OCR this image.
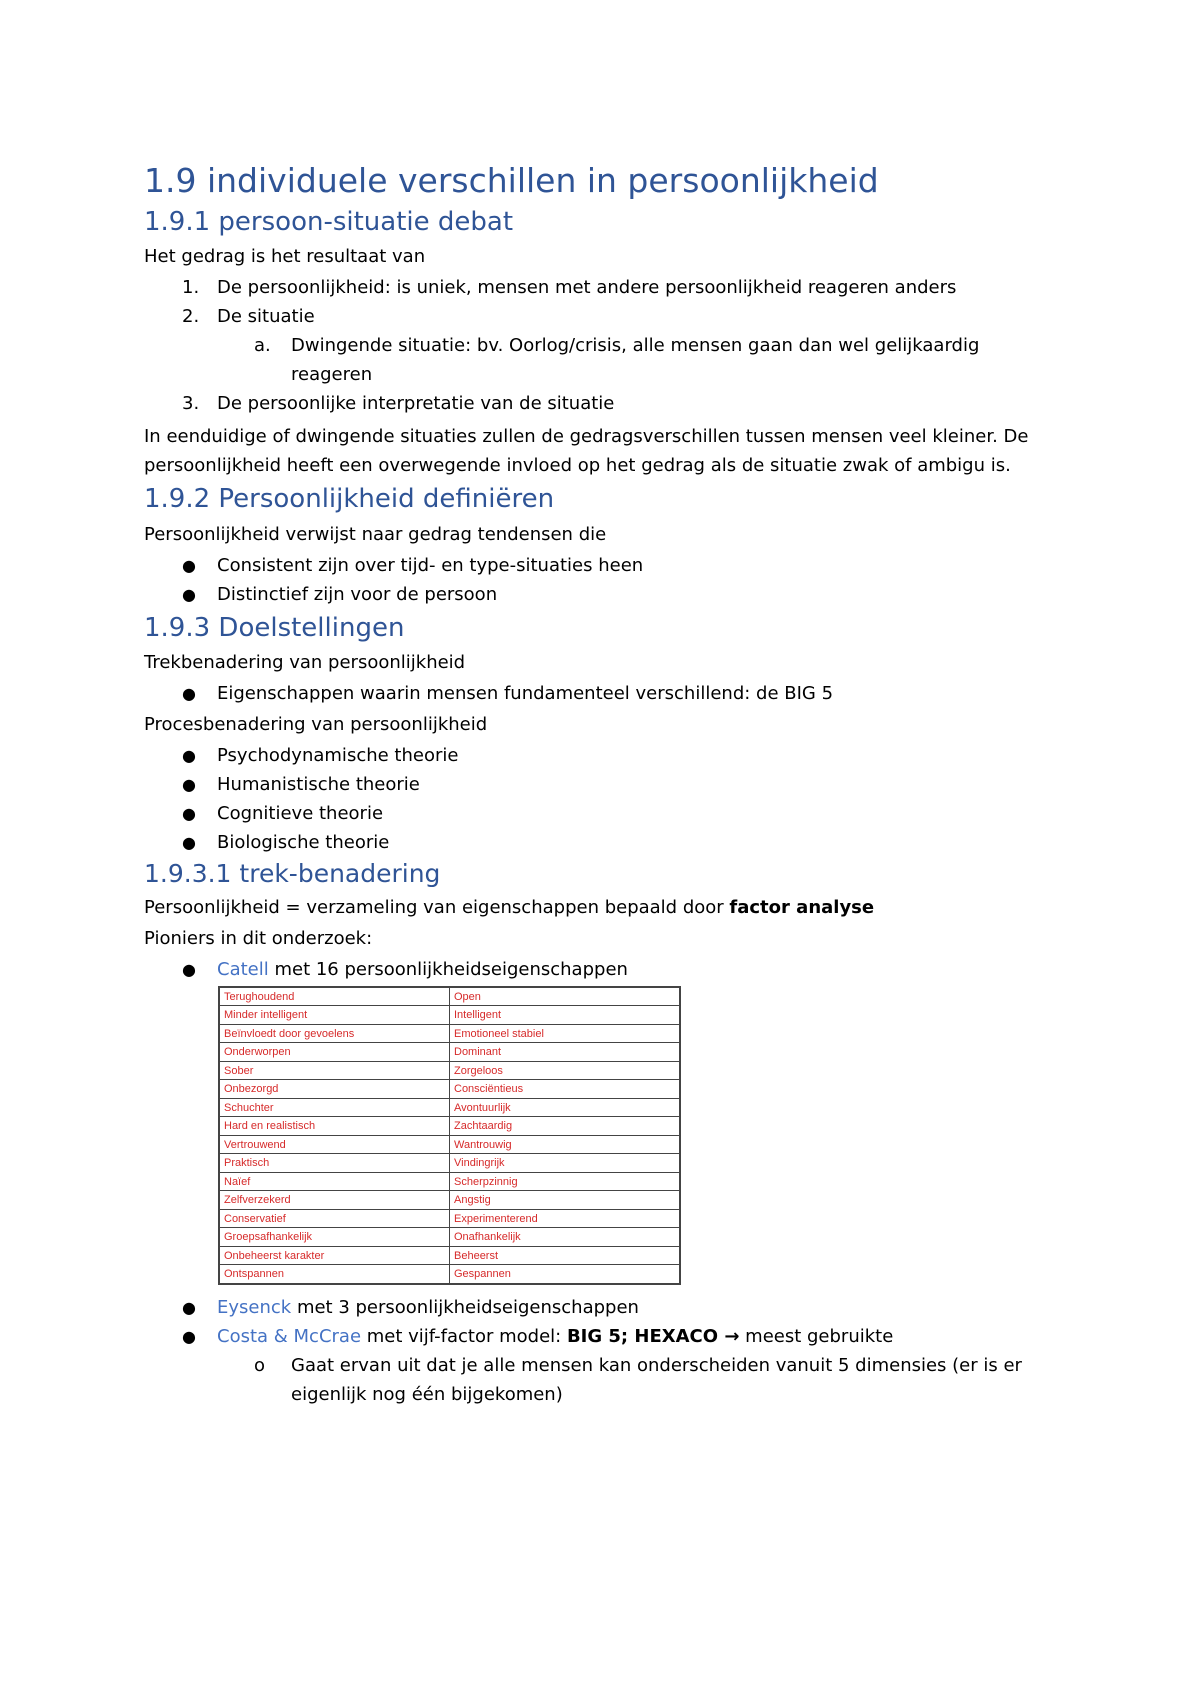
1.9 individuele verschillen in persoonlijkheid
1.9.1 persoon-situatie debat

Het gedrag is het resultaat van

1. De persoonlijkheid: is uniek, mensen met andere persoonlijkheid reageren anders
2. De situatie
a. Dwingende situatie: bv. Oorlog/crisis, alle mensen gaan dan wel gelijkaardig reageren
3. De persoonlijke interpretatie van de situatie

In eenduidige of dwingende situaties zullen de gedragsverschillen tussen mensen veel kleiner. De persoonlijkheid heeft een overwegende invloed op het gedrag als de situatie zwak of ambigu is.

1.9.2 Persoonlijkheid definiëren

Persoonlijkheid verwijst naar gedrag tendensen die

● Consistent zijn over tijd- en type-situaties heen
● Distinctief zijn voor de persoon
1.9.3 Doelstellingen

Trekbenadering van persoonlijkheid

● Eigenschappen waarin mensen fundamenteel verschillend: de BIG 5

Procesbenadering van persoonlijkheid

● Psychodynamische theorie
● Humanistische theorie
● Cognitieve theorie
● Biologische theorie
1.9.3.1 trek-benadering

Persoonlijkheid = verzameling van eigenschappen bepaald door factor analyse

Pioniers in dit onderzoek:

● Catell met 16 persoonlijkheidseigenschappen
Terughoudend	Open
Minder intelligent	Intelligent
Beïnvloedt door gevoelens	Emotioneel stabiel
Onderworpen	Dominant
Sober	Zorgeloos
Onbezorgd	Consciëntieus
Schuchter	Avontuurlijk
Hard en realistisch	Zachtaardig
Vertrouwend	Wantrouwig
Praktisch	Vindingrijk
Naïef	Scherpzinnig
Zelfverzekerd	Angstig
Conservatief	Experimenterend
Groepsafhankelijk	Onafhankelijk
Onbeheerst karakter	Beheerst
Ontspannen	Gespannen
● Eysenck met 3 persoonlijkheidseigenschappen
● Costa & McCrae met vijf-factor model: BIG 5; HEXACO → meest gebruikte
o Gaat ervan uit dat je alle mensen kan onderscheiden vanuit 5 dimensies (er is er eigenlijk nog één bijgekomen)
